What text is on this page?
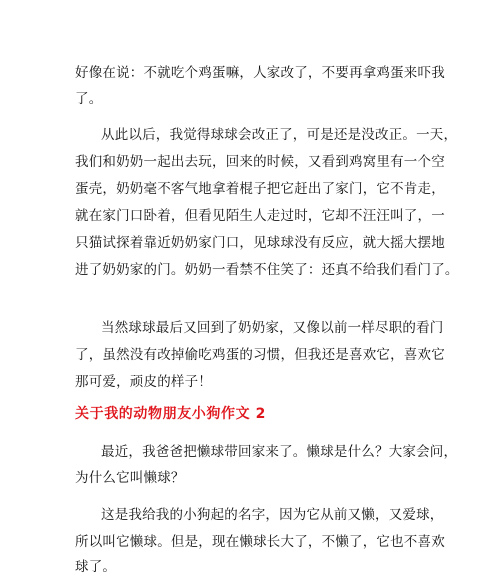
好像在说：不就吃个鸡蛋嘛，人家改了，不要再拿鸡蛋来吓我
了。
从此以后，我觉得球球会改正了，可是还是没改正。一天，
我们和奶奶一起出去玩，回来的时候，又看到鸡窝里有一个空
蛋壳，奶奶毫不客气地拿着棍子把它赶出了家门，它不肯走，
就在家门口卧着，但看见陌生人走过时，它却不汪汪叫了，一
只猫试探着靠近奶奶家门口，见球球没有反应，就大摇大摆地
进了奶奶家的门。奶奶一看禁不住笑了：还真不给我们看门了。
当然球球最后又回到了奶奶家，又像以前一样尽职的看门
了，虽然没有改掉偷吃鸡蛋的习惯，但我还是喜欢它，喜欢它
那可爱，顽皮的样子！
关于我的动物朋友小狗作文 2
最近，我爸爸把懒球带回家来了。懒球是什么？大家会问，
为什么它叫懒球？
这是我给我的小狗起的名字，因为它从前又懒，又爱球，
所以叫它懒球。但是，现在懒球长大了，不懒了，它也不喜欢
球了。
